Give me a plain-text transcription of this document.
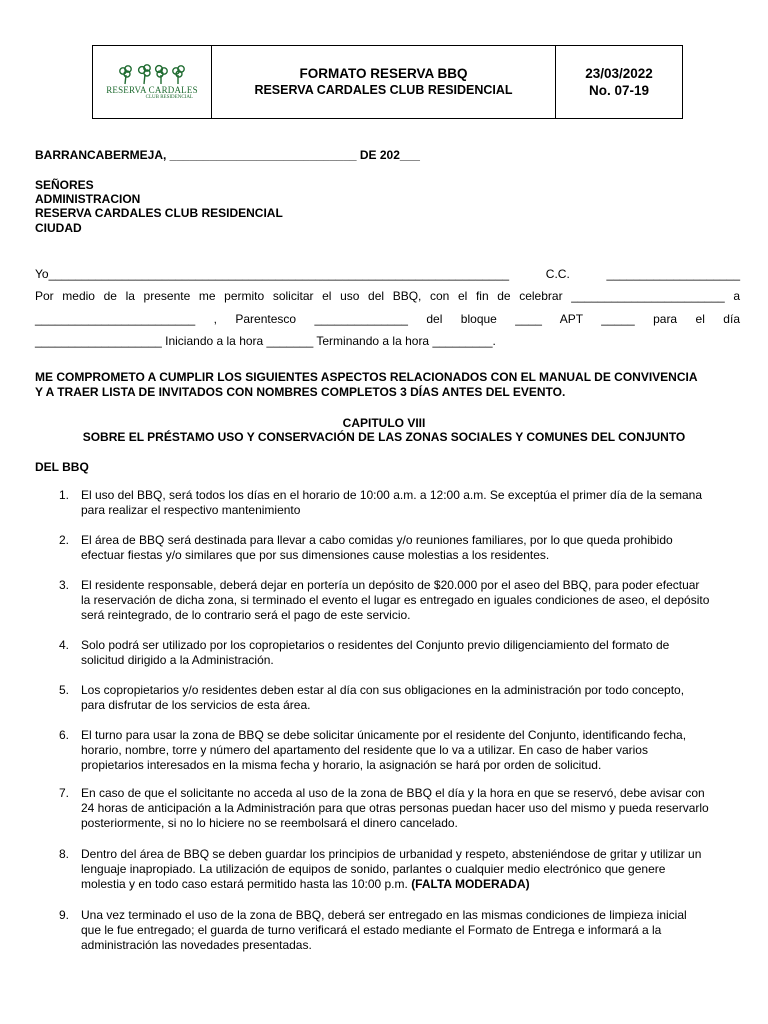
RESERVA CARDALES
CLUB RESIDENCIAL
FORMATO RESERVA BBQ
RESERVA CARDALES CLUB RESIDENCIAL
23/03/2022
No. 07-19
BARRANCABERMEJA, ____________________________ DE 202___
SEÑORES
ADMINISTRACION
RESERVA CARDALES CLUB RESIDENCIAL
CIUDAD
Yo_____________________________________________________________________ C.C. ____________________
Por medio de la presente me permito solicitar el uso del BBQ, con el fin de celebrar _______________________ a
________________________ , Parentesco ______________ del bloque ____ APT _____ para el día
___________________ Iniciando a la hora _______ Terminando a la hora _________.
ME COMPROMETO A CUMPLIR LOS SIGUIENTES ASPECTOS RELACIONADOS CON EL MANUAL DE CONVIVENCIA
Y A TRAER LISTA DE INVITADOS CON NOMBRES COMPLETOS 3 DÍAS ANTES DEL EVENTO.
CAPITULO VIII
SOBRE EL PRÉSTAMO USO Y CONSERVACIÓN DE LAS ZONAS SOCIALES Y COMUNES DEL CONJUNTO
DEL BBQ
1. El uso del BBQ, será todos los días en el horario de 10:00 a.m. a 12:00 a.m. Se exceptúa el primer día de la semana
para realizar el respectivo mantenimiento
2. El área de BBQ será destinada para llevar a cabo comidas y/o reuniones familiares, por lo que queda prohibido
efectuar fiestas y/o similares que por sus dimensiones cause molestias a los residentes.
3. El residente responsable, deberá dejar en portería un depósito de $20.000 por el aseo del BBQ, para poder efectuar
la reservación de dicha zona, si terminado el evento el lugar es entregado en iguales condiciones de aseo, el depósito
será reintegrado, de lo contrario será el pago de este servicio.
4. Solo podrá ser utilizado por los copropietarios o residentes del Conjunto previo diligenciamiento del formato de
solicitud dirigido a la Administración.
5. Los copropietarios y/o residentes deben estar al día con sus obligaciones en la administración por todo concepto,
para disfrutar de los servicios de esta área.
6. El turno para usar la zona de BBQ se debe solicitar únicamente por el residente del Conjunto, identificando fecha,
horario, nombre, torre y número del apartamento del residente que lo va a utilizar. En caso de haber varios
propietarios interesados en la misma fecha y horario, la asignación se hará por orden de solicitud.
7. En caso de que el solicitante no acceda al uso de la zona de BBQ el día y la hora en que se reservó, debe avisar con
24 horas de anticipación a la Administración para que otras personas puedan hacer uso del mismo y pueda reservarlo
posteriormente, si no lo hiciere no se reembolsará el dinero cancelado.
8. Dentro del área de BBQ se deben guardar los principios de urbanidad y respeto, absteniéndose de gritar y utilizar un
lenguaje inapropiado. La utilización de equipos de sonido, parlantes o cualquier medio electrónico que genere
molestia y en todo caso estará permitido hasta las 10:00 p.m. (FALTA MODERADA)
9. Una vez terminado el uso de la zona de BBQ, deberá ser entregado en las mismas condiciones de limpieza inicial
que le fue entregado; el guarda de turno verificará el estado mediante el Formato de Entrega e informará a la
administración las novedades presentadas.
